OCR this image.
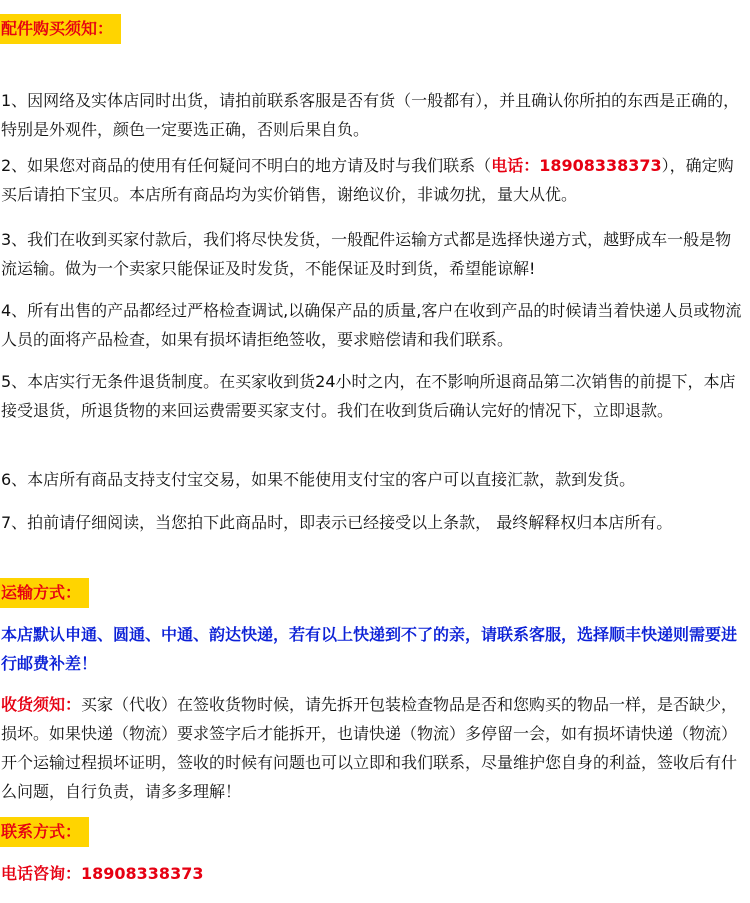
配件购买须知：
1、因网络及实体店同时出货，请拍前联系客服是否有货（一般都有），并且确认你所拍的东西是正确的，特别是外观件，颜色一定要选正确，否则后果自负。
2、如果您对商品的使用有任何疑问不明白的地方请及时与我们联系（电话：18908338373），确定购买后请拍下宝贝。本店所有商品均为实价销售，谢绝议价，非诚勿扰，量大从优。
3、我们在收到买家付款后，我们将尽快发货，一般配件运输方式都是选择快递方式，越野成车一般是物流运输。做为一个卖家只能保证及时发货，不能保证及时到货，希望能谅解!
4、所有出售的产品都经过严格检查调试,以确保产品的质量,客户在收到产品的时候请当着快递人员或物流人员的面将产品检查，如果有损坏请拒绝签收，要求赔偿请和我们联系。
5、本店实行无条件退货制度。在买家收到货24小时之内，在不影响所退商品第二次销售的前提下，本店接受退货，所退货物的来回运费需要买家支付。我们在收到货后确认完好的情况下，立即退款。
6、本店所有商品支持支付宝交易，如果不能使用支付宝的客户可以直接汇款，款到发货。
7、拍前请仔细阅读，当您拍下此商品时，即表示已经接受以上条款， 最终解释权归本店所有。
运输方式：
本店默认申通、圆通、中通、韵达快递，若有以上快递到不了的亲，请联系客服，选择顺丰快递则需要进行邮费补差！
收货须知：买家（代收）在签收货物时候，请先拆开包装检查物品是否和您购买的物品一样，是否缺少，损坏。如果快递（物流）要求签字后才能拆开，也请快递（物流）多停留一会，如有损坏请快递（物流）开个运输过程损坏证明，签收的时候有问题也可以立即和我们联系，尽量维护您自身的利益，签收后有什么问题，自行负责，请多多理解！
联系方式：
电话咨询：18908338373
